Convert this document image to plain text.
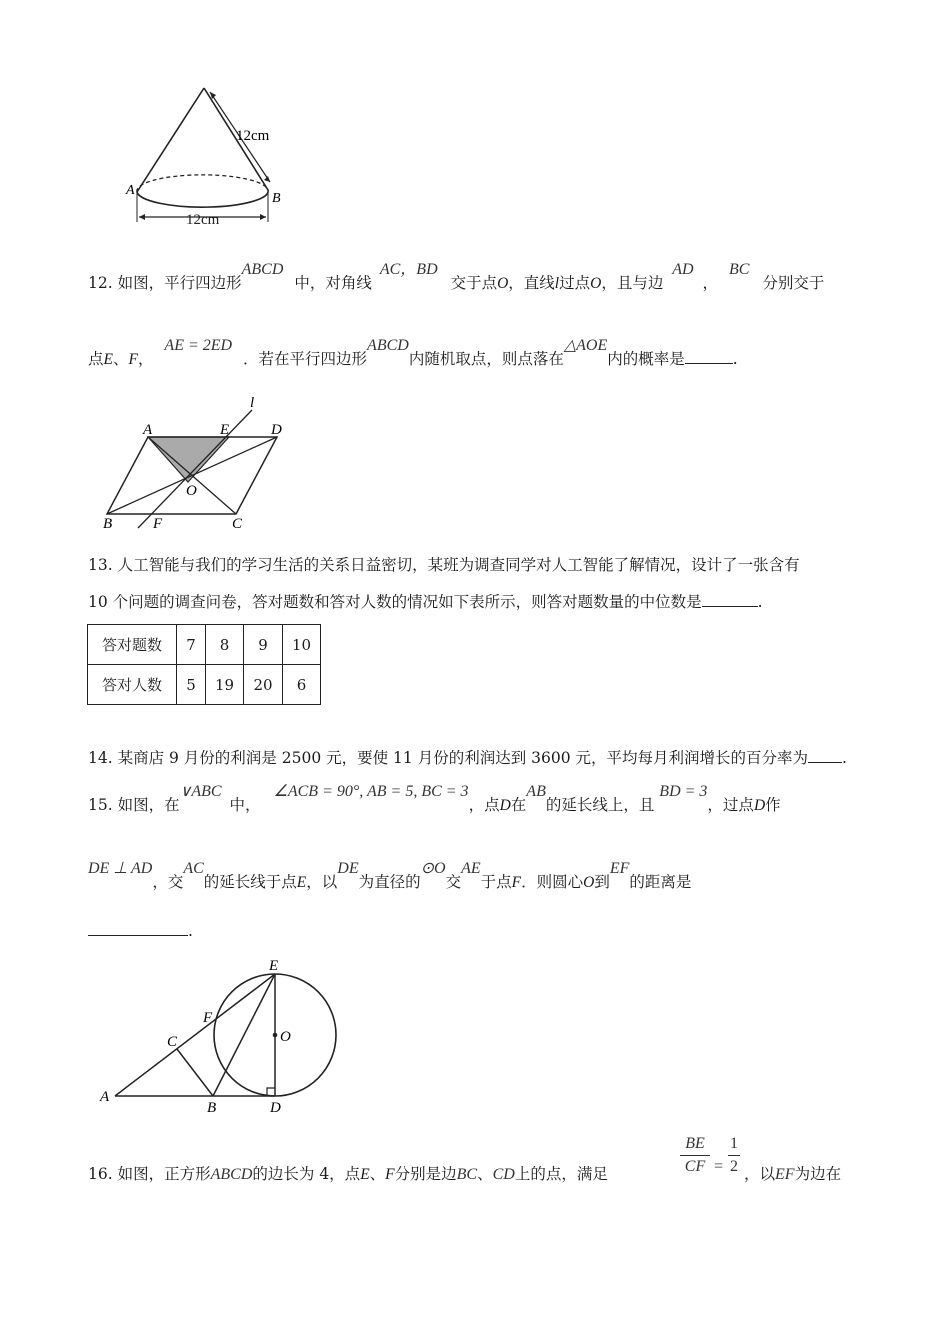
12cm
12cm
A
B
12. 如图，平行四边形ABCD 中，对角线AC，BD 交于点O，直线l过点O，且与边 AD ， BC 分别交于
点E、F， AE = 2ED ．若在平行四边形ABCD内随机取点，则点落在△AOE内的概率是	.
A	E	D
l
O
B	F	C
13. 人工智能与我们的学习生活的关系日益密切，某班为调查同学对人工智能了解情况，设计了一张含有
10 个问题的调查问卷，答对题数和答对人数的情况如下表所示，则答对题数量的中位数是	.
答对题数	7	8	9	10
答对人数	5	19	20	6
14. 某商店 9 月份的利润是 2500 元，要使 11 月份的利润达到 3600 元，平均每月利润增长的百分率为 .
15. 如图，在∨ABC中， ∠ACB = 90°, AB = 5, BC = 3，点D在AB的延长线上，且 BD = 3，过点D作
DE ⊥ AD，交AC的延长线于点E，以DE为直径的⊙O交AE于点F．则圆心O到EF的距离是
.
E
F
O
C
A
B	D
16. 如图，正方形ABCD的边长为 4，点E、F分别是边BC、CD上的点，满足
BE
CF =
1
2 ，以EF为边在
